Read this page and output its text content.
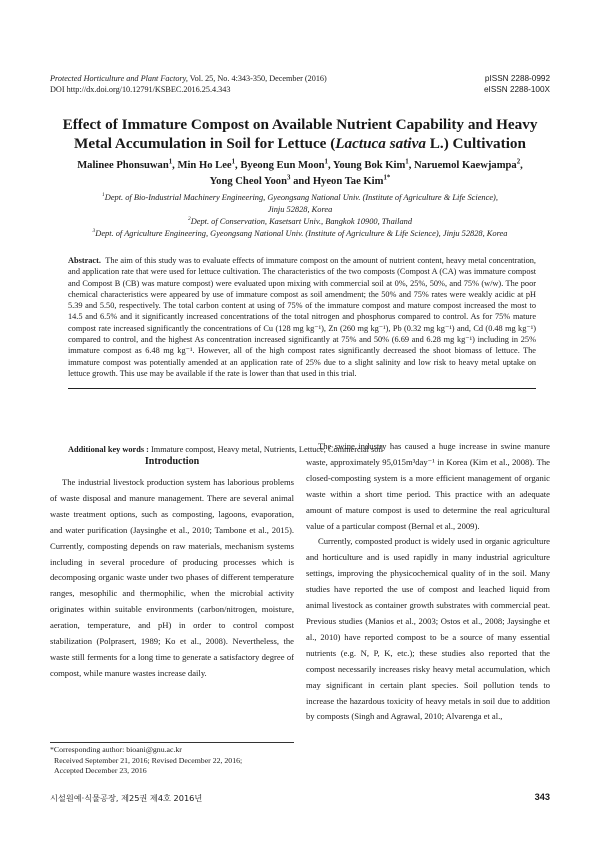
Protected Horticulture and Plant Factory, Vol. 25, No. 4:343-350, December (2016)
DOI http://dx.doi.org/10.12791/KSBEC.2016.25.4.343
pISSN 2288-0992
eISSN 2288-100X
Effect of Immature Compost on Available Nutrient Capability and Heavy
Metal Accumulation in Soil for Lettuce (Lactuca sativa L.) Cultivation
Malinee Phonsuwan$^1$, Min Ho Lee$^1$, Byeong Eun Moon$^1$, Young Bok Kim$^1$, Naruemol Kaewjampa$^2$,
Yong Cheol Yoon$^3$ and Hyeon Tae Kim$^{1*}$
$^1$Dept. of Bio-Industrial Machinery Engineering, Gyeongsang National Univ. (Institute of Agriculture & Life Science),
Jinju 52828, Korea
$^2$Dept. of Conservation, Kasetsart Univ., Bangkok 10900, Thailand
$^3$Dept. of Agriculture Engineering, Gyeongsang National Univ. (Institute of Agriculture & Life Science), Jinju 52828, Korea

Abstract. The aim of this study was to evaluate effects of immature compost on the amount of nutrient content, heavy metal concentration, and application rate that were used for lettuce cultivation. The characteristics of the two composts (Compost A (CA) was immature compost and Compost B (CB) was mature compost) were evaluated upon mixing with commercial soil at 0%, 25%, 50%, and 75% (w/w). The poor chemical characteristics were appeared by use of immature compost as soil amendment; the 50% and 75% rates were weakly acidic at pH 5.39 and 5.50, respectively. The total carbon content at using of 75% of the immature compost and mature compost increased the most to 14.5 and 6.5% and it significantly increased concentrations of the total nitrogen and phosphorus compared to control. As for 75% mature compost rate increased significantly the concentrations of Cu (128 mg kg⁻¹), Zn (260 mg kg⁻¹), Pb (0.32 mg kg⁻¹) and, Cd (0.48 mg kg⁻¹) compared to control, and the highest As concentration increased significantly at 75% and 50% (6.69 and 6.28 mg kg⁻¹) including in 25% immature compost as 6.48 mg kg⁻¹. However, all of the high compost rates significantly decreased the shoot biomass of lettuce. The immature compost was potentially amended at an application rate of 25% due to a slight salinity and low risk to heavy metal uptake on lettuce growth. This use may be available if the rate is lower than that used in this trial.

Additional key words : Immature compost, Heavy metal, Nutrients, Lettuce, Commercial soil
Introduction

The industrial livestock production system has laborious problems of waste disposal and manure management. There are several animal waste treatment options, such as composting, lagoons, evaporation, and water purification (Jaysinghe et al., 2010; Tambone et al., 2015). Currently, composting depends on raw materials, mechanism systems including in several procedure of producing processes which is decomposing organic waste under two phases of different temperature ranges, mesophilic and thermophilic, when the microbial activity originates within suitable environments (carbon/nitrogen, moisture, aeration, temperature, and pH) in order to control compost stabilization (Polprasert, 1989; Ko et al., 2008). Nevertheless, the waste still ferments for a long time to generate a satisfactory degree of compost, while manure wastes increase daily.

The swine industry has caused a huge increase in swine manure waste, approximately 95,015m³day⁻¹ in Korea (Kim et al., 2008). The closed-composting system is a more efficient management of organic waste within a short time period. This practice with an adequate amount of mature compost is used to determine the real agricultural value of a particular compost (Bernal et al., 2009).

Currently, composted product is widely used in organic agriculture and horticulture and is used rapidly in many industrial agriculture settings, improving the physicochemical quality of in the soil. Many studies have reported the use of compost and leached liquid from animal livestock as container growth substrates with commercial peat. Previous studies (Manios et al., 2003; Ostos et al., 2008; Jaysinghe et al., 2010) have reported compost to be a source of many essential nutrients (e.g. N, P, K, etc.); these studies also reported that the compost necessarily increases risky heavy metal accumulation, which may significant in certain plant species. Soil pollution tends to increase the hazardous toxicity of heavy metals in soil due to addition by composts (Singh and Agrawal, 2010; Alvarenga et al.,

*Corresponding author: bioani@gnu.ac.kr
Received September 21, 2016; Revised December 22, 2016;
Accepted December 23, 2016
시설원예·식물공장, 제25권 제4호 2016년	343
